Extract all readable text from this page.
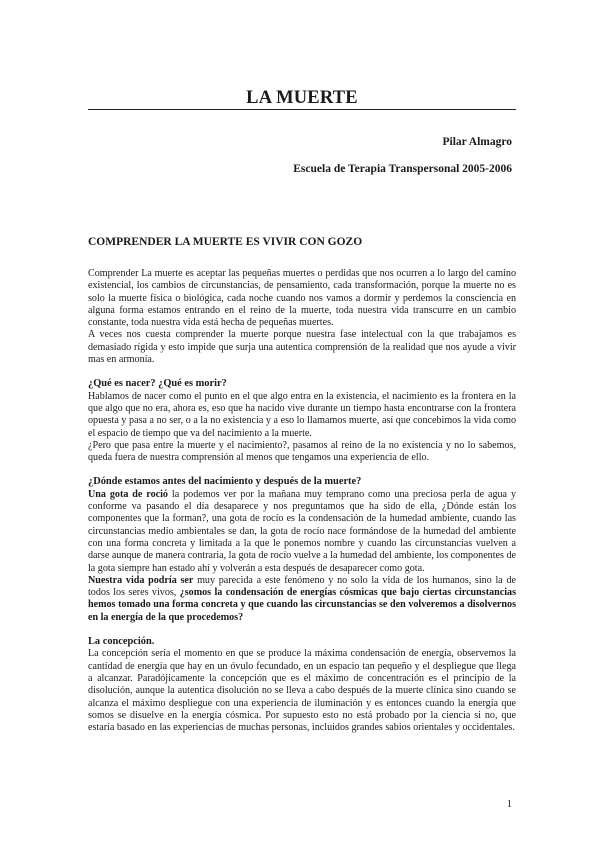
LA MUERTE
Pilar Almagro
Escuela de Terapia Transpersonal 2005-2006
COMPRENDER LA MUERTE ES VIVIR CON GOZO

Comprender La muerte es aceptar las pequeñas muertes o perdidas que nos ocurren a lo largo del camino existencial, los cambios de circunstancias, de pensamiento, cada transformación, porque la muerte no es solo la muerte física o biológica, cada noche cuando nos vamos a dormir y perdemos la consciencia en alguna forma estamos entrando en el reino de la muerte, toda nuestra vida transcurre en un cambio constante, toda nuestra vida está hecha de pequeñas muertes.

A veces nos cuesta comprender la muerte porque nuestra fase intelectual con la que trabajamos es demasiado rígida y esto impide que surja una autentica comprensión de la realidad que nos ayude a vivir mas en armonía.

¿Qué es nacer? ¿Qué es morir?

Hablamos de nacer como el punto en el que algo entra en la existencia, el nacimiento es la frontera en la que algo que no era, ahora es, eso que ha nacido vive durante un tiempo hasta encontrarse con la frontera opuesta y pasa a no ser, o a la no existencia y a eso lo llamamos muerte, así que concebimos la vida como el espacio de tiempo que va del nacimiento a la muerte.

¿Pero que pasa entre la muerte y el nacimiento?, pasamos al reino de la no existencia y no lo sabemos, queda fuera de nuestra comprensión al menos que tengamos una experiencia de ello.

¿Dónde estamos antes del nacimiento y después de la muerte?

Una gota de roció la podemos ver por la mañana muy temprano como una preciosa perla de agua y conforme va pasando el día desaparece y nos preguntamos que ha sido de ella, ¿Dónde están los componentes que la forman?, una gota de rocío es la condensación de la humedad ambiente, cuando las circunstancias medio ambientales se dan, la gota de rocío nace formándose de la humedad del ambiente con una forma concreta y limitada a la que le ponemos nombre y cuando las circunstancias vuelven a darse aunque de manera contraria, la gota de rocío vuelve a la humedad del ambiente, los componentes de la gota siempre han estado ahí y volverán a esta después de desaparecer como gota.

Nuestra vida podría ser muy parecida a este fenómeno y no solo la vida de los humanos, sino la de todos los seres vivos, ¿somos la condensación de energías cósmicas que bajo ciertas circunstancias hemos tomado una forma concreta y que cuando las circunstancias se den volveremos a disolvernos en la energía de la que procedemos?

La concepción.

La concepción sería el momento en que se produce la máxima condensación de energía, observemos la cantidad de energía que hay en un óvulo fecundado, en un espacio tan pequeño y el despliegue que llega a alcanzar. Paradójicamente la concepción que es el máximo de concentración es el principio de la disolución, aunque la autentica disolución no se lleva a cabo después de la muerte clínica sino cuando se alcanza el máximo despliegue con una experiencia de iluminación y es entonces cuando la energía que somos se disuelve en la energía cósmica. Por supuesto esto no está probado por la ciencia si no, que estaría basado en las experiencias de muchas personas, incluidos grandes sabios orientales y occidentales.

1
